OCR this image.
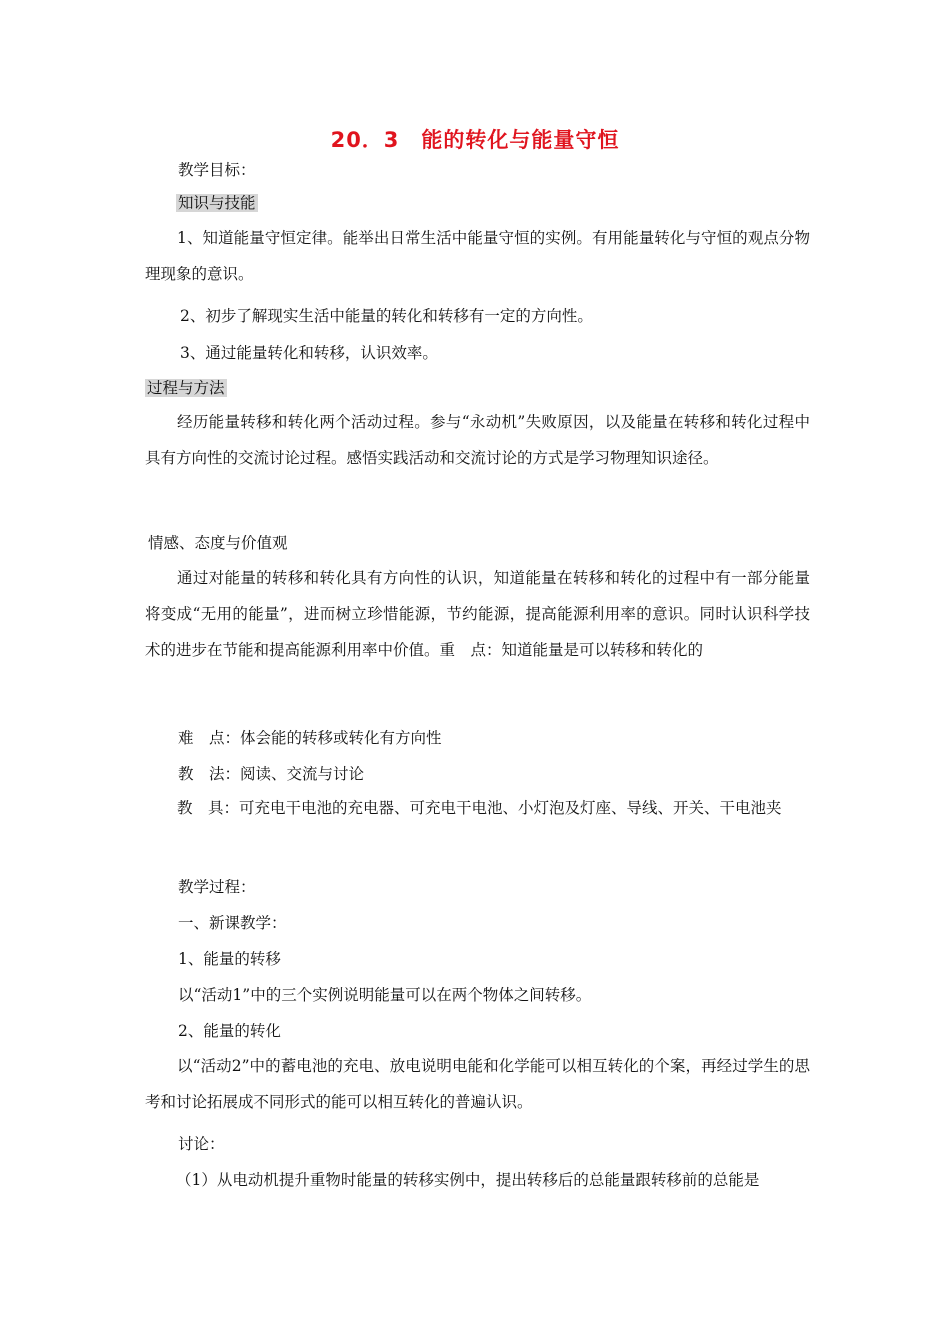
20．3　能的转化与能量守恒
教学目标：
知识与技能
1、知道能量守恒定律。能举出日常生活中能量守恒的实例。有用能量转化与守恒的观点分物理现象的意识。
2、初步了解现实生活中能量的转化和转移有一定的方向性。
3、通过能量转化和转移，认识效率。
过程与方法
经历能量转移和转化两个活动过程。参与“永动机”失败原因，以及能量在转移和转化过程中具有方向性的交流讨论过程。感悟实践活动和交流讨论的方式是学习物理知识途径。
情感、态度与价值观
通过对能量的转移和转化具有方向性的认识，知道能量在转移和转化的过程中有一部分能量将变成“无用的能量”，进而树立珍惜能源，节约能源，提高能源利用率的意识。同时认识科学技术的进步在节能和提高能源利用率中价值。重　点：知道能量是可以转移和转化的
难　点：体会能的转移或转化有方向性
教　法：阅读、交流与讨论
教　具：可充电干电池的充电器、可充电干电池、小灯泡及灯座、导线、开关、干电池夹
教学过程：
一、新课教学：
1、能量的转移
以“活动1”中的三个实例说明能量可以在两个物体之间转移。
2、能量的转化
以“活动2”中的蓄电池的充电、放电说明电能和化学能可以相互转化的个案，再经过学生的思考和讨论拓展成不同形式的能可以相互转化的普遍认识。
讨论：
（1）从电动机提升重物时能量的转移实例中，提出转移后的总能量跟转移前的总能是
